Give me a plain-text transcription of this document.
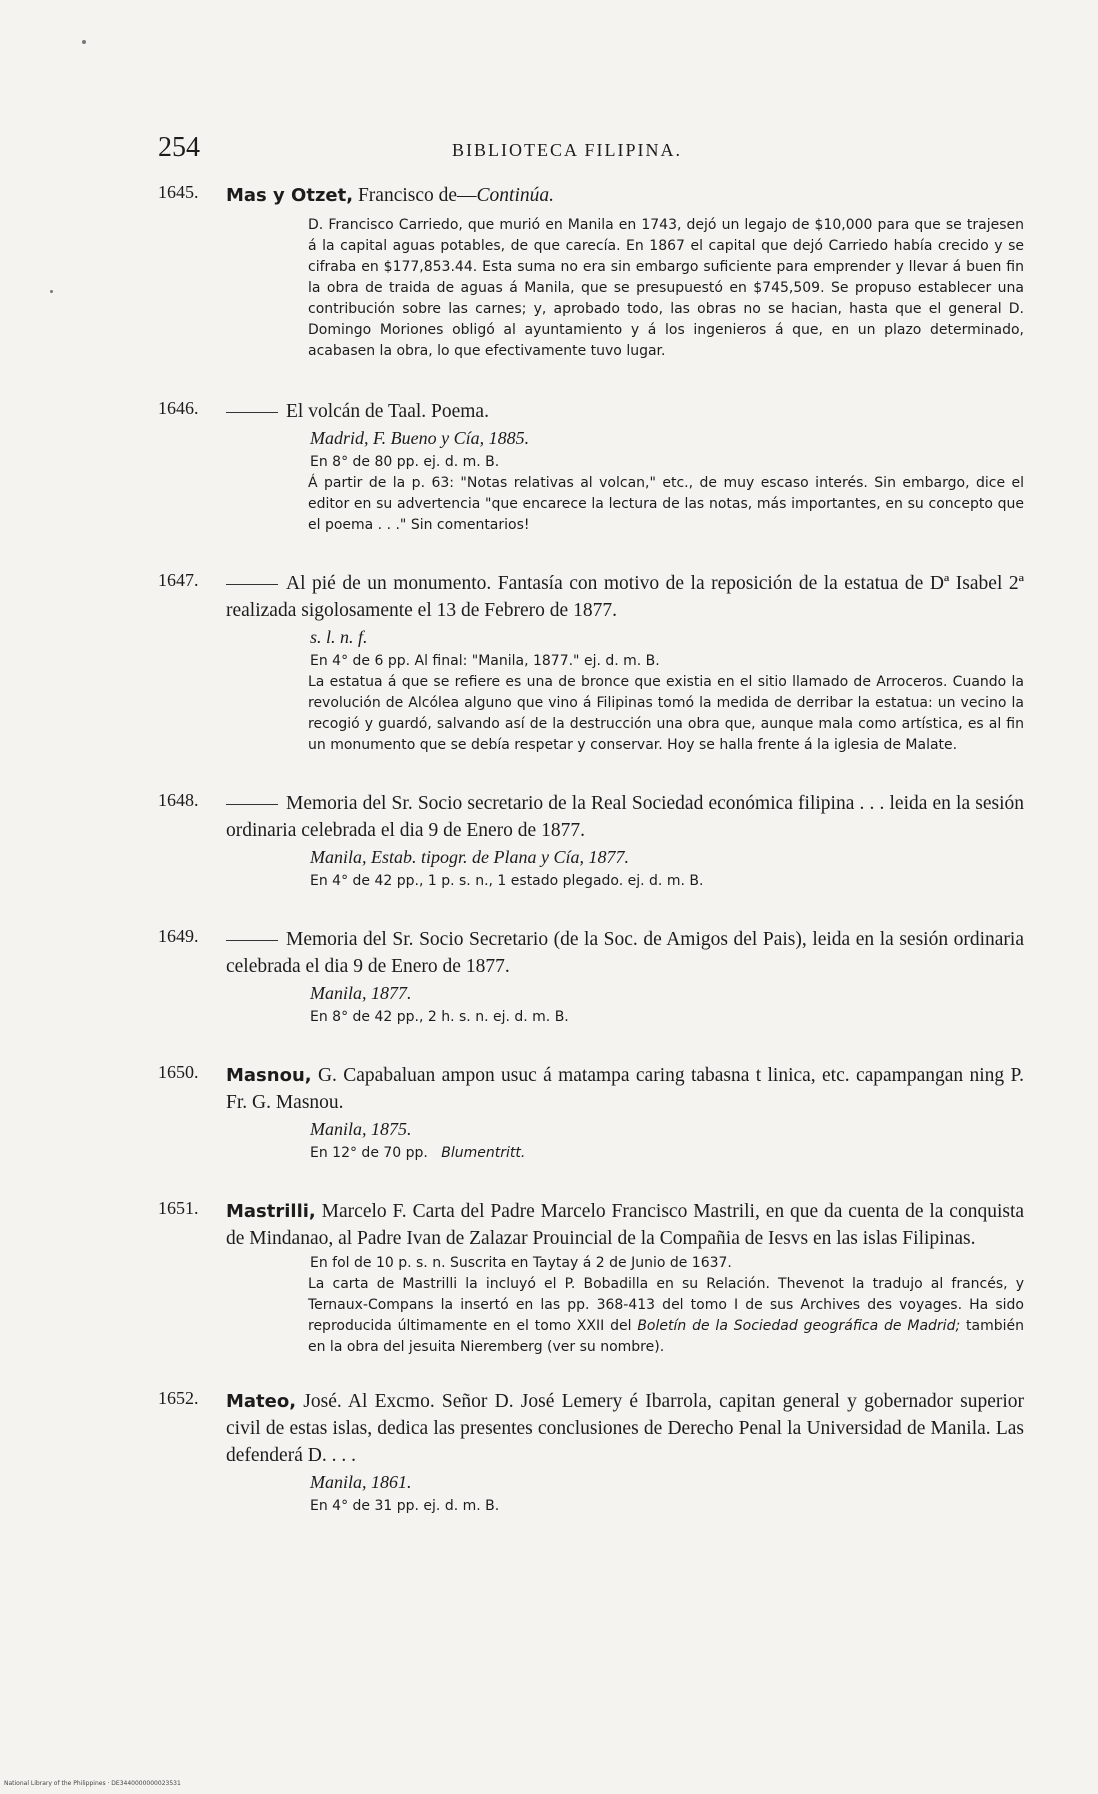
254	BIBLIOTECA FILIPINA.
1645. Mas y Otzet, Francisco de—Continúa.

D. Francisco Carriedo, que murió en Manila en 1743, dejó un legajo de $10,000 para que se trajesen á la capital aguas potables, de que carecía. En 1867 el capital que dejó Carriedo había crecido y se cifraba en $177,853.44. Esta suma no era sin embargo suficiente para emprender y llevar á buen fin la obra de traida de aguas á Manila, que se presupuestó en $745,509. Se propuso establecer una contribución sobre las carnes; y, aprobado todo, las obras no se hacian, hasta que el general D. Domingo Moriones obligó al ayuntamiento y á los ingenieros á que, en un plazo determinado, acabasen la obra, lo que efectivamente tuvo lugar.

1646.	El volcán de Taal. Poema.

Madrid, F. Bueno y Cía, 1885.

En 8° de 80 pp. ej. d. m. B.

Á partir de la p. 63: "Notas relativas al volcan," etc., de muy escaso interés. Sin embargo, dice el editor en su advertencia "que encarece la lectura de las notas, más importantes, en su concepto que el poema . . ." Sin comentarios!

1647.	Al pié de un monumento. Fantasía con motivo de la reposición de la estatua de Dª Isabel 2ª realizada sigolosamente el 13 de Febrero de 1877.

s. l. n. f.

En 4° de 6 pp. Al final: "Manila, 1877." ej. d. m. B.

La estatua á que se refiere es una de bronce que existia en el sitio llamado de Arroceros. Cuando la revolución de Alcólea alguno que vino á Filipinas tomó la medida de derribar la estatua: un vecino la recogió y guardó, salvando así de la destrucción una obra que, aunque mala como artística, es al fin un monumento que se debía respetar y conservar. Hoy se halla frente á la iglesia de Malate.

1648.	Memoria del Sr. Socio secretario de la Real Sociedad económica filipina . . . leida en la sesión ordinaria celebrada el dia 9 de Enero de 1877.

Manila, Estab. tipogr. de Plana y Cía, 1877.

En 4° de 42 pp., 1 p. s. n., 1 estado plegado. ej. d. m. B.

1649.	Memoria del Sr. Socio Secretario (de la Soc. de Amigos del Pais), leida en la sesión ordinaria celebrada el dia 9 de Enero de 1877.

Manila, 1877.

En 8° de 42 pp., 2 h. s. n. ej. d. m. B.

1650. Masnou, G. Capabaluan ampon usuc á matampa caring tabasna t linica, etc. capampangan ning P. Fr. G. Masnou.

Manila, 1875.

En 12° de 70 pp. Blumentritt.

1651. Mastrilli, Marcelo F. Carta del Padre Marcelo Francisco Mastrili, en que da cuenta de la conquista de Mindanao, al Padre Ivan de Zalazar Prouincial de la Compañia de Iesvs en las islas Filipinas.

En fol de 10 p. s. n. Suscrita en Taytay á 2 de Junio de 1637.

La carta de Mastrilli la incluyó el P. Bobadilla en su Relación. Thevenot la tradujo al francés, y Ternaux-Compans la insertó en las pp. 368-413 del tomo I de sus Archives des voyages. Ha sido reproducida últimamente en el tomo XXII del Boletín de la Sociedad geográfica de Madrid; también en la obra del jesuita Nieremberg (ver su nombre).

1652. Mateo, José. Al Excmo. Señor D. José Lemery é Ibarrola, capitan general y gobernador superior civil de estas islas, dedica las presentes conclusiones de Derecho Penal la Universidad de Manila. Las defenderá D. . . .

Manila, 1861.

En 4° de 31 pp. ej. d. m. B.

National Library of the Philippines · DE3440000000023531
